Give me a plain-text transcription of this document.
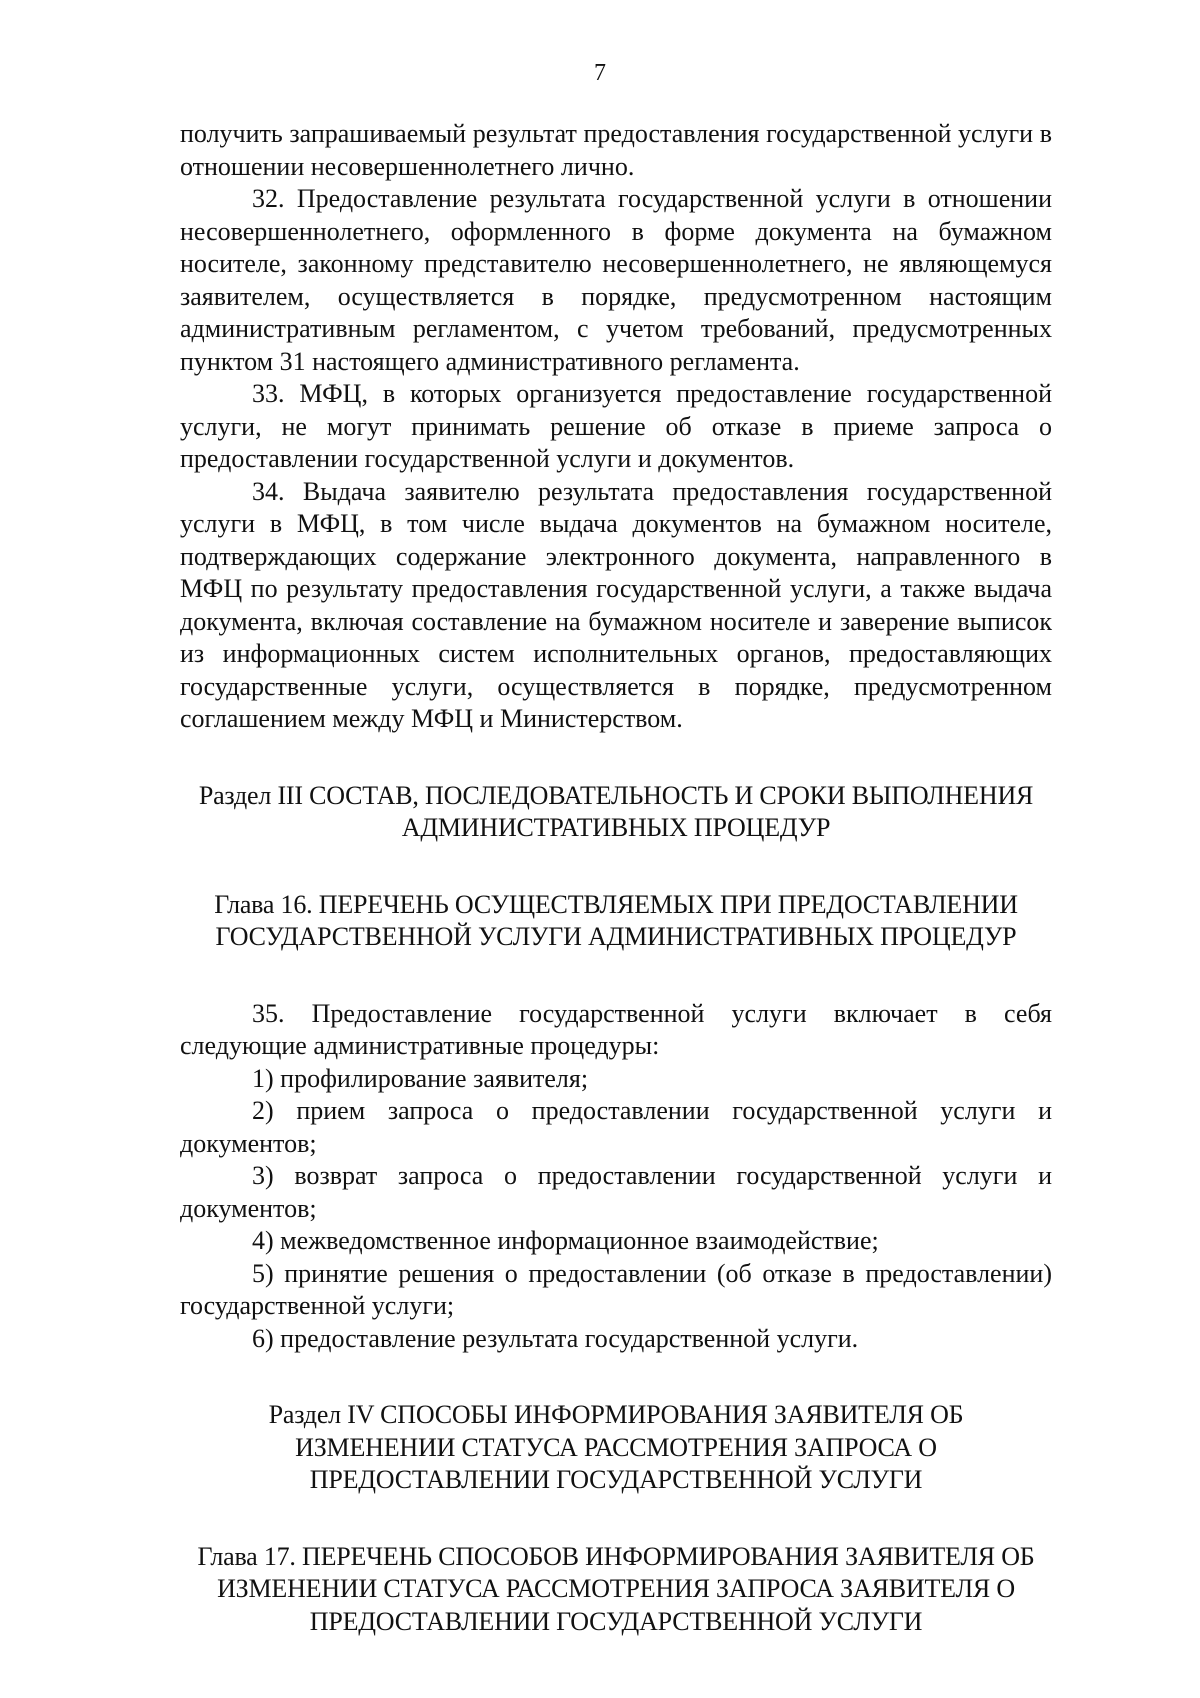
7

получить запрашиваемый результат предоставления государственной услуги в отношении несовершеннолетнего лично.

32. Предоставление результата государственной услуги в отношении несовершеннолетнего, оформленного в форме документа на бумажном носителе, законному представителю несовершеннолетнего, не являющемуся заявителем, осуществляется в порядке, предусмотренном настоящим административным регламентом, с учетом требований, предусмотренных пунктом 31 настоящего административного регламента.

33. МФЦ, в которых организуется предоставление государственной услуги, не могут принимать решение об отказе в приеме запроса о предоставлении государственной услуги и документов.

34. Выдача заявителю результата предоставления государственной услуги в МФЦ, в том числе выдача документов на бумажном носителе, подтверждающих содержание электронного документа, направленного в МФЦ по результату предоставления государственной услуги, а также выдача документа, включая составление на бумажном носителе и заверение выписок из информационных систем исполнительных органов, предоставляющих государственные услуги, осуществляется в порядке, предусмотренном соглашением между МФЦ и Министерством.

Раздел III СОСТАВ, ПОСЛЕДОВАТЕЛЬНОСТЬ И СРОКИ ВЫПОЛНЕНИЯ

АДМИНИСТРАТИВНЫХ ПРОЦЕДУР

Глава 16. ПЕРЕЧЕНЬ ОСУЩЕСТВЛЯЕМЫХ ПРИ ПРЕДОСТАВЛЕНИИ

ГОСУДАРСТВЕННОЙ УСЛУГИ АДМИНИСТРАТИВНЫХ ПРОЦЕДУР

35. Предоставление государственной услуги включает в себя следующие административные процедуры:

1) профилирование заявителя;

2) прием запроса о предоставлении государственной услуги и документов;

3) возврат запроса о предоставлении государственной услуги и документов;

4) межведомственное информационное взаимодействие;

5) принятие решения о предоставлении (об отказе в предоставлении) государственной услуги;

6) предоставление результата государственной услуги.

Раздел IV СПОСОБЫ ИНФОРМИРОВАНИЯ ЗАЯВИТЕЛЯ ОБ

ИЗМЕНЕНИИ СТАТУСА РАССМОТРЕНИЯ ЗАПРОСА О

ПРЕДОСТАВЛЕНИИ ГОСУДАРСТВЕННОЙ УСЛУГИ

Глава 17. ПЕРЕЧЕНЬ СПОСОБОВ ИНФОРМИРОВАНИЯ ЗАЯВИТЕЛЯ ОБ

ИЗМЕНЕНИИ СТАТУСА РАССМОТРЕНИЯ ЗАПРОСА ЗАЯВИТЕЛЯ О

ПРЕДОСТАВЛЕНИИ ГОСУДАРСТВЕННОЙ УСЛУГИ
